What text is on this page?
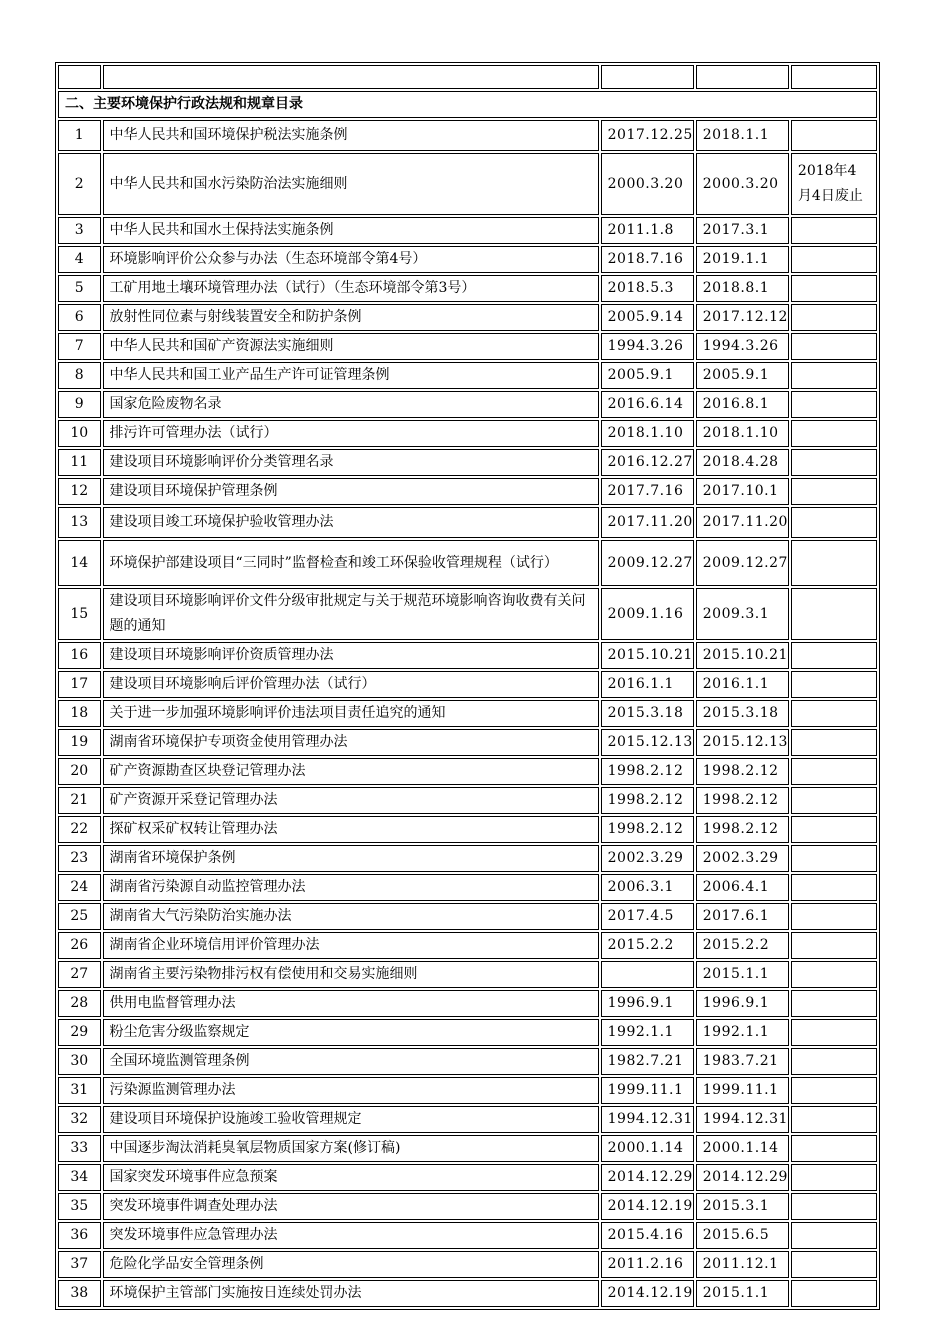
二、主要环境保护行政法规和规章目录				
1	中华人民共和国环境保护税法实施条例	2017.12.25	2018.1.1	
2	中华人民共和国水污染防治法实施细则	2000.3.20	2000.3.20	2018年4月4日废止
3	中华人民共和国水土保持法实施条例	2011.1.8	2017.3.1	
4	环境影响评价公众参与办法（生态环境部令第4号）	2018.7.16	2019.1.1	
5	工矿用地土壤环境管理办法（试行）（生态环境部令第3号）	2018.5.3	2018.8.1	
6	放射性同位素与射线装置安全和防护条例	2005.9.14	2017.12.12	
7	中华人民共和国矿产资源法实施细则	1994.3.26	1994.3.26	
8	中华人民共和国工业产品生产许可证管理条例	2005.9.1	2005.9.1	
9	国家危险废物名录	2016.6.14	2016.8.1	
10	排污许可管理办法（试行）	2018.1.10	2018.1.10	
11	建设项目环境影响评价分类管理名录	2016.12.27	2018.4.28	
12	建设项目环境保护管理条例	2017.7.16	2017.10.1	
13	建设项目竣工环境保护验收管理办法	2017.11.20	2017.11.20	
14	环境保护部建设项目“三同时”监督检查和竣工环保验收管理规程（试行）	2009.12.27	2009.12.27	
15	建设项目环境影响评价文件分级审批规定与关于规范环境影响咨询收费有关问题的通知	2009.1.16	2009.3.1	
16	建设项目环境影响评价资质管理办法	2015.10.21	2015.10.21	
17	建设项目环境影响后评价管理办法（试行）	2016.1.1	2016.1.1	
18	关于进一步加强环境影响评价违法项目责任追究的通知	2015.3.18	2015.3.18	
19	湖南省环境保护专项资金使用管理办法	2015.12.13	2015.12.13	
20	矿产资源勘查区块登记管理办法	1998.2.12	1998.2.12	
21	矿产资源开采登记管理办法	1998.2.12	1998.2.12	
22	探矿权采矿权转让管理办法	1998.2.12	1998.2.12	
23	湖南省环境保护条例	2002.3.29	2002.3.29	
24	湖南省污染源自动监控管理办法	2006.3.1	2006.4.1	
25	湖南省大气污染防治实施办法	2017.4.5	2017.6.1	
26	湖南省企业环境信用评价管理办法	2015.2.2	2015.2.2	
27	湖南省主要污染物排污权有偿使用和交易实施细则		2015.1.1	
28	供用电监督管理办法	1996.9.1	1996.9.1	
29	粉尘危害分级监察规定	1992.1.1	1992.1.1	
30	全国环境监测管理条例	1982.7.21	1983.7.21	
31	污染源监测管理办法	1999.11.1	1999.11.1	
32	建设项目环境保护设施竣工验收管理规定	1994.12.31	1994.12.31	
33	中国逐步淘汰消耗臭氧层物质国家方案(修订稿)	2000.1.14	2000.1.14	
34	国家突发环境事件应急预案	2014.12.29	2014.12.29	
35	突发环境事件调查处理办法	2014.12.19	2015.3.1	
36	突发环境事件应急管理办法	2015.4.16	2015.6.5	
37	危险化学品安全管理条例	2011.2.16	2011.12.1	
38	环境保护主管部门实施按日连续处罚办法	2014.12.19	2015.1.1	
